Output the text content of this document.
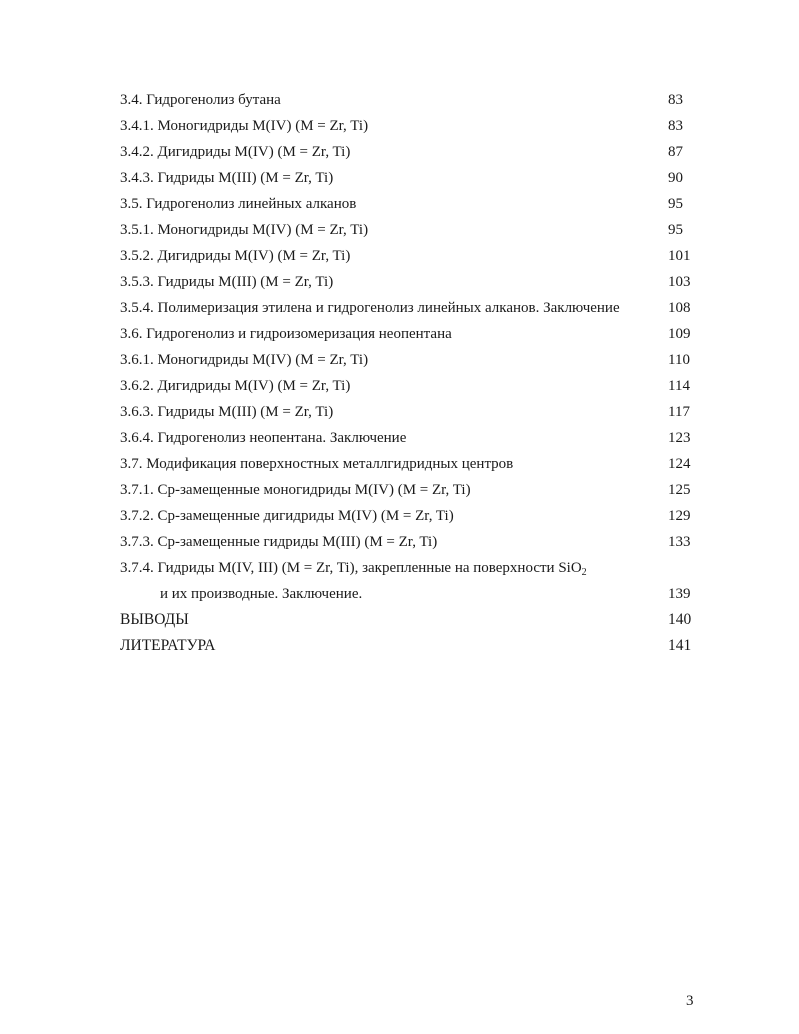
3.4. Гидрогенолиз бутана	83
3.4.1. Моногидриды M(IV) (M = Zr, Ti)	83
3.4.2. Дигидриды M(IV) (M = Zr, Ti)	87
3.4.3. Гидриды M(III) (M = Zr, Ti)	90
3.5. Гидрогенолиз линейных алканов	95
3.5.1. Моногидриды M(IV) (M = Zr, Ti)	95
3.5.2. Дигидриды M(IV) (M = Zr, Ti)	101
3.5.3. Гидриды M(III) (M = Zr, Ti)	103
3.5.4. Полимеризация этилена и гидрогенолиз линейных алканов. Заключение	108
3.6. Гидрогенолиз и гидроизомеризация неопентана	109
3.6.1. Моногидриды M(IV) (M = Zr, Ti)	110
3.6.2. Дигидриды M(IV) (M = Zr, Ti)	114
3.6.3. Гидриды M(III) (M = Zr, Ti)	117
3.6.4. Гидрогенолиз неопентана. Заключение	123
3.7. Модификация поверхностных металлгидридных центров	124
3.7.1. Cp-замещенные моногидриды M(IV) (M = Zr, Ti)	125
3.7.2. Cp-замещенные дигидриды M(IV) (M = Zr, Ti)	129
3.7.3. Cp-замещенные гидриды M(III) (M = Zr, Ti)	133
3.7.4. Гидриды M(IV, III) (M = Zr, Ti), закрепленные на поверхности SiO$_2$
и их производные. Заключение.	139
ВЫВОДЫ	140
ЛИТЕРАТУРА	141
3
